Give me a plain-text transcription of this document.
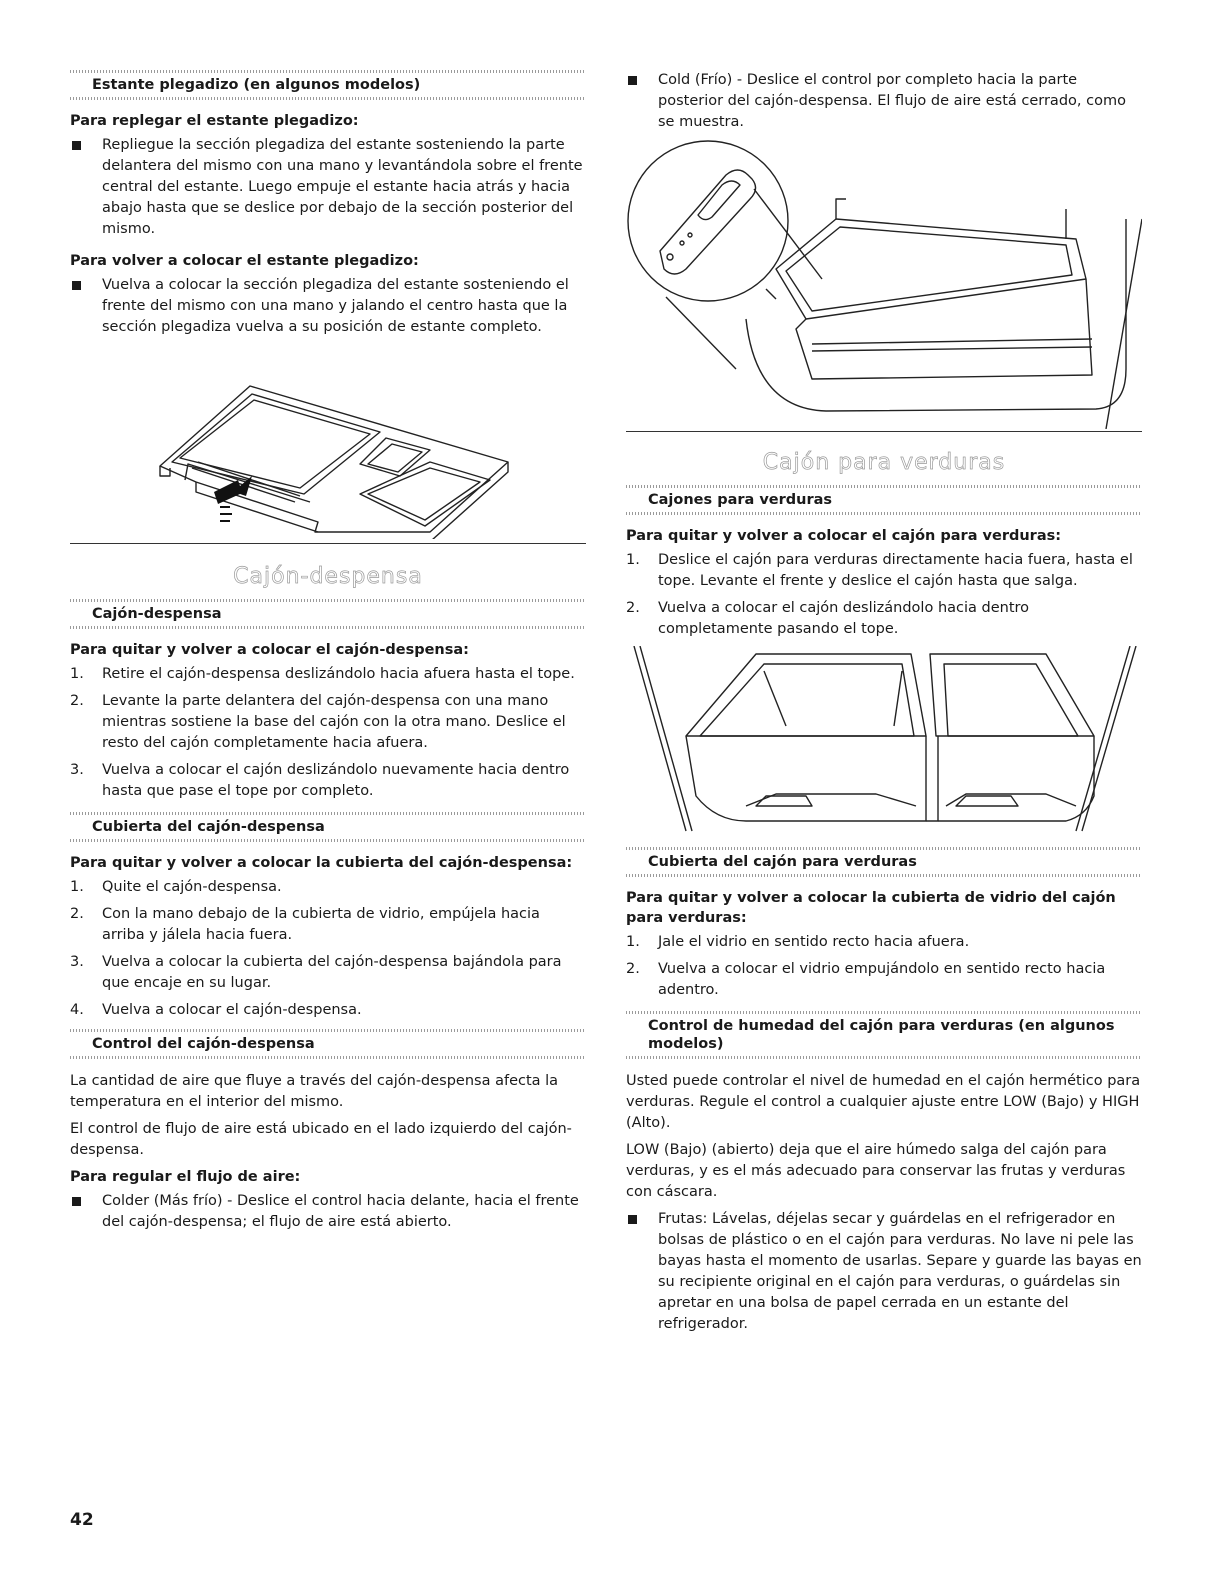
Estante plegadizo (en algunos modelos)
Para replegar el estante plegadizo:
Repliegue la sección plegadiza del estante sosteniendo la parte delantera del mismo con una mano y levantándola sobre el frente central del estante. Luego empuje el estante hacia atrás y hacia abajo hasta que se deslice por debajo de la sección posterior del mismo.
Para volver a colocar el estante plegadizo:
Vuelva a colocar la sección plegadiza del estante sosteniendo el frente del mismo con una mano y jalando el centro hasta que la sección plegadiza vuelva a su posición de estante completo.
Cajón-despensa
Cajón-despensa
Para quitar y volver a colocar el cajón-despensa:
1. Retire el cajón-despensa deslizándolo hacia afuera hasta el tope.
2. Levante la parte delantera del cajón-despensa con una mano mientras sostiene la base del cajón con la otra mano. Deslice el resto del cajón completamente hacia afuera.
3. Vuelva a colocar el cajón deslizándolo nuevamente hacia dentro hasta que pase el tope por completo.
Cubierta del cajón-despensa
Para quitar y volver a colocar la cubierta del cajón-despensa:
1. Quite el cajón-despensa.
2. Con la mano debajo de la cubierta de vidrio, empújela hacia arriba y jálela hacia fuera.
3. Vuelva a colocar la cubierta del cajón-despensa bajándola para que encaje en su lugar.
4. Vuelva a colocar el cajón-despensa.
Control del cajón-despensa
La cantidad de aire que fluye a través del cajón-despensa afecta la temperatura en el interior del mismo.
El control de flujo de aire está ubicado en el lado izquierdo del cajón-despensa.
Para regular el flujo de aire:
Colder (Más frío) - Deslice el control hacia delante, hacia el frente del cajón-despensa; el flujo de aire está abierto.
Cold (Frío) - Deslice el control por completo hacia la parte posterior del cajón-despensa. El flujo de aire está cerrado, como se muestra.
Cajón para verduras
Cajones para verduras
Para quitar y volver a colocar el cajón para verduras:
1. Deslice el cajón para verduras directamente hacia fuera, hasta el tope. Levante el frente y deslice el cajón hasta que salga.
2. Vuelva a colocar el cajón deslizándolo hacia dentro completamente pasando el tope.
Cubierta del cajón para verduras
Para quitar y volver a colocar la cubierta de vidrio del cajón para verduras:
1. Jale el vidrio en sentido recto hacia afuera.
2. Vuelva a colocar el vidrio empujándolo en sentido recto hacia adentro.
Control de humedad del cajón para verduras (en algunos modelos)
Usted puede controlar el nivel de humedad en el cajón hermético para verduras. Regule el control a cualquier ajuste entre LOW (Bajo) y HIGH (Alto).
LOW (Bajo) (abierto) deja que el aire húmedo salga del cajón para verduras, y es el más adecuado para conservar las frutas y verduras con cáscara.
Frutas: Lávelas, déjelas secar y guárdelas en el refrigerador en bolsas de plástico o en el cajón para verduras. No lave ni pele las bayas hasta el momento de usarlas. Separe y guarde las bayas en su recipiente original en el cajón para verduras, o guárdelas sin apretar en una bolsa de papel cerrada en un estante del refrigerador.
42
